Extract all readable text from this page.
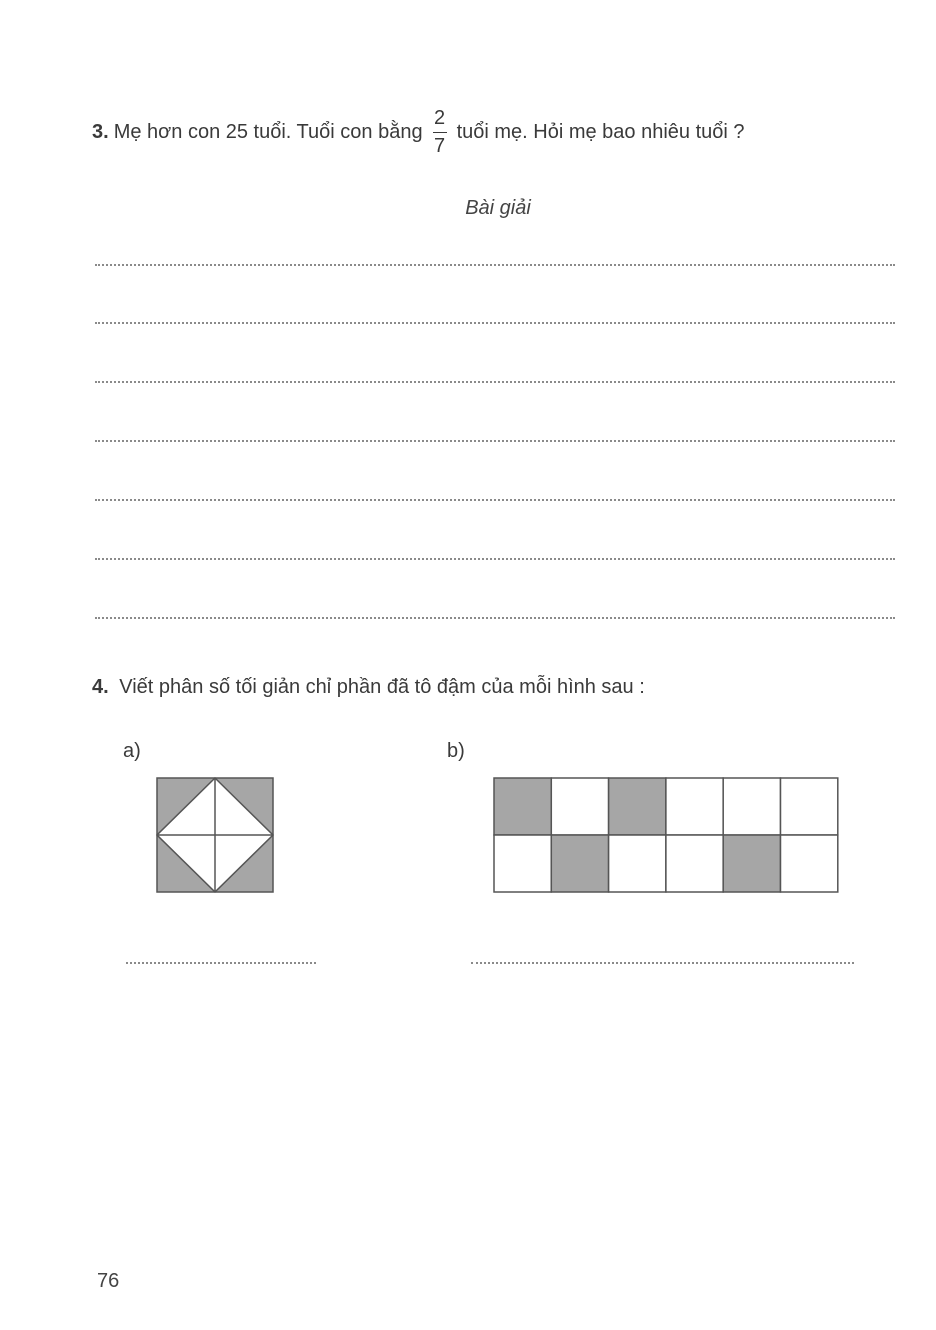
3. Mẹ hơn con 25 tuổi. Tuổi con bằng $\frac{2}{7}$ tuổi mẹ. Hỏi mẹ bao nhiêu tuổi ?
Bài giải
4. Viết phân số tối giản chỉ phần đã tô đậm của mỗi hình sau :
a)	b)
76
